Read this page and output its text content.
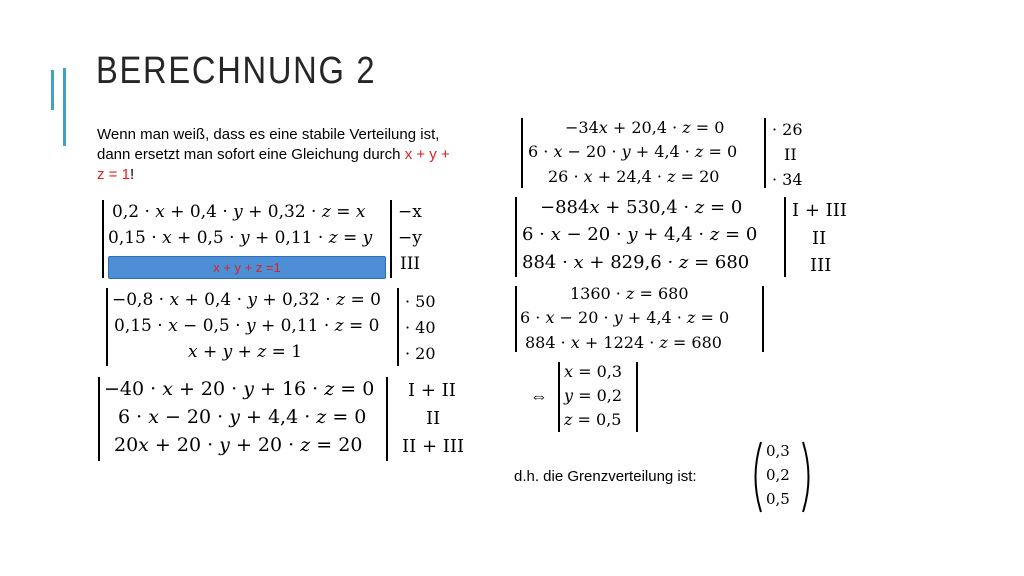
BERECHNUNG 2
Wenn man weiß, dass es eine stabile Verteilung ist, dann ersetzt man sofort eine Gleichung durch x + y + z = 1!
0,2 · 𝑥 + 0,4 · 𝑦 + 0,32 · 𝑧 = 𝑥
0,15 · 𝑥 + 0,5 · 𝑦 + 0,11 · 𝑧 = 𝑦
x + y + z =1
−x
−y
III
−0,8 · 𝑥 + 0,4 · 𝑦 + 0,32 · 𝑧 = 0
0,15 · 𝑥 − 0,5 · 𝑦 + 0,11 · 𝑧 = 0
𝑥 + 𝑦 + 𝑧 = 1
· 50
· 40
· 20
−40 · 𝑥 + 20 · 𝑦 + 16 · 𝑧 = 0
6 · 𝑥 − 20 · 𝑦 + 4,4 · 𝑧 = 0
20𝑥 + 20 · 𝑦 + 20 · 𝑧 = 20
I + II
II
II + III
−34𝑥 + 20,4 · 𝑧 = 0
6 · 𝑥 − 20 · 𝑦 + 4,4 · 𝑧 = 0
26 · 𝑥 + 24,4 · 𝑧 = 20
· 26
II
· 34
−884𝑥 + 530,4 · 𝑧 = 0
6 · 𝑥 − 20 · 𝑦 + 4,4 · 𝑧 = 0
884 · 𝑥 + 829,6 · 𝑧 = 680
I + III
II
III
1360 · 𝑧 = 680
6 · 𝑥 − 20 · 𝑦 + 4,4 · 𝑧 = 0
884 · 𝑥 + 1224 · 𝑧 = 680
⇔
𝑥 = 0,3
𝑦 = 0,2
𝑧 = 0,5
d.h. die Grenzverteilung ist:
0,3
0,2
0,5
